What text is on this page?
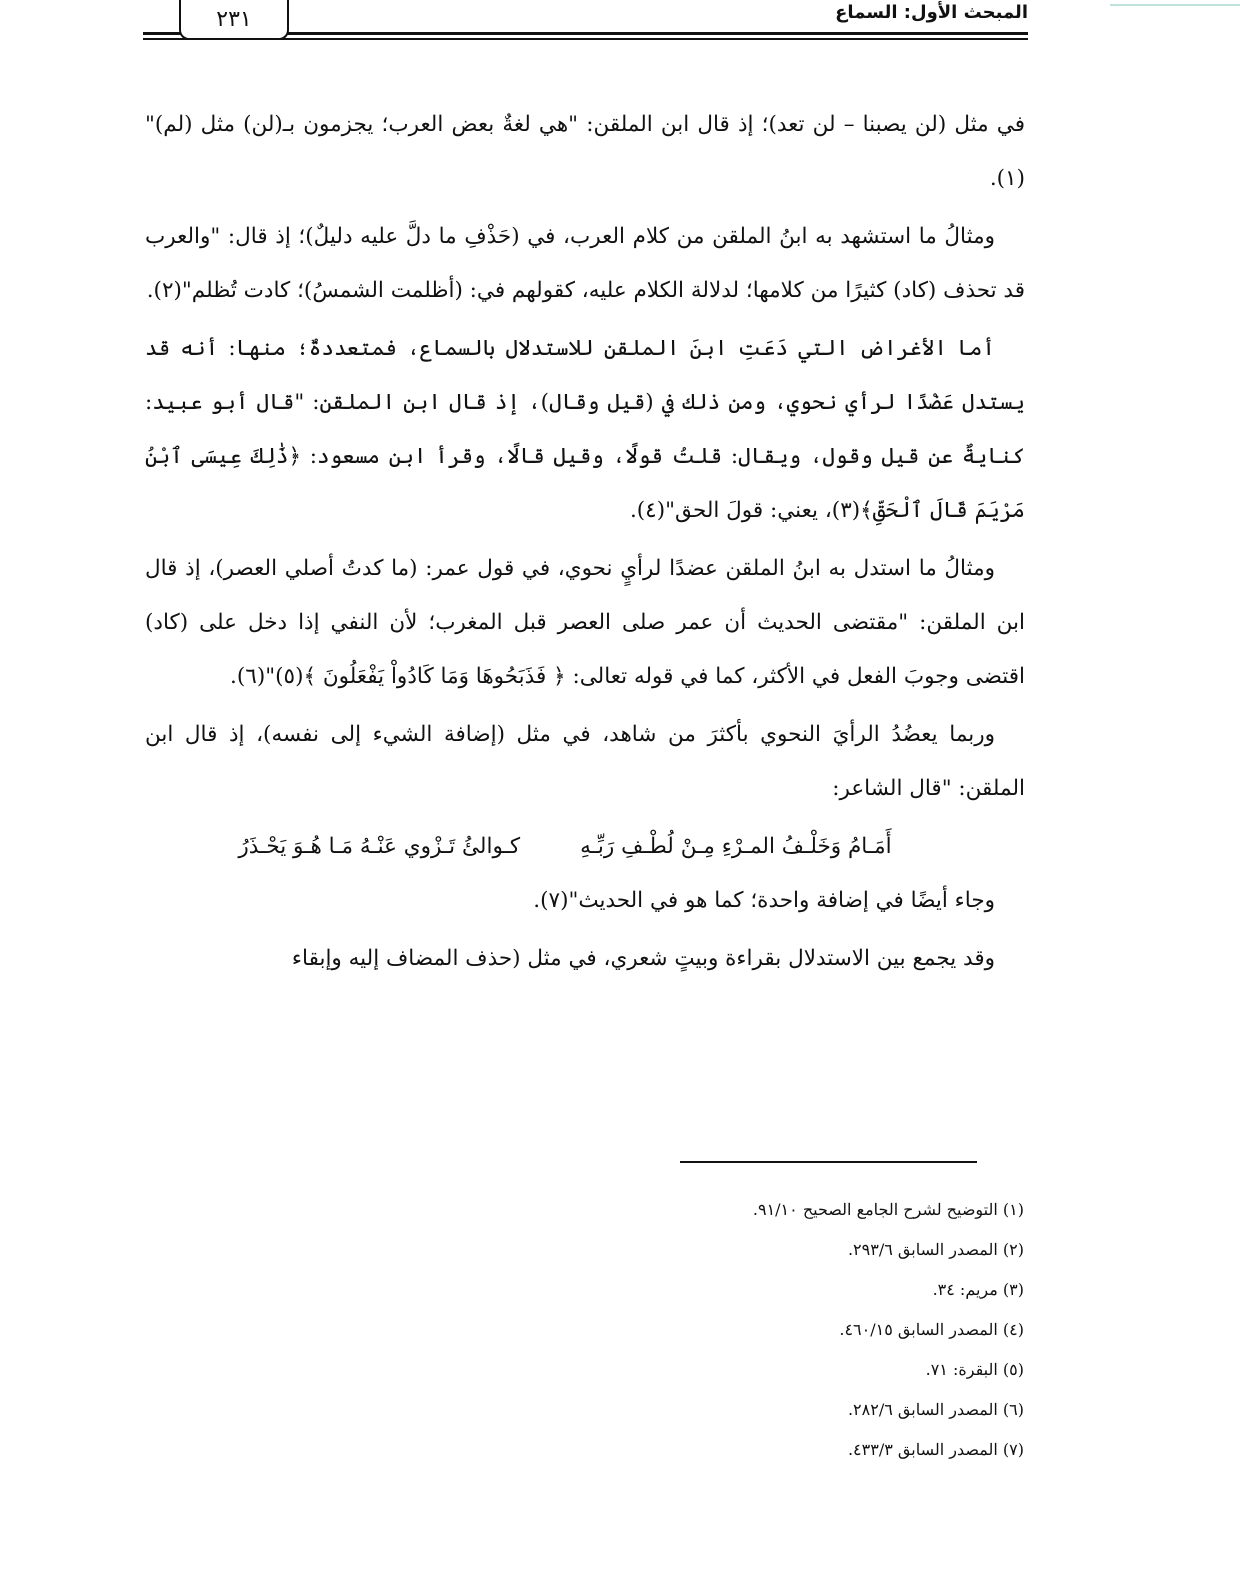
المبحث الأول: السماع
٢٣١

في مثل (لن يصبنا – لن تعد)؛ إذ قال ابن الملقن: "هي لغةٌ بعض العرب؛ يجزمون بـ(لن) مثل (لم)"(١).

ومثالُ ما استشهد به ابنُ الملقن من كلام العرب، في (حَذْفِ ما دلَّ عليه دليلٌ)؛ إذ قال: "والعرب قد تحذف (كاد) كثيرًا من كلامها؛ لدلالة الكلام عليه، كقولهم في: (أظلمت الشمسُ)؛ كادت تُظلم"(٢).

أما الأغراض التي دَعَتِ ابنَ الملقن للاستدلال بالسماع، فمتعددةٌ؛ منها: أنه قد يستدل عَضْدًا لرأي نحوي، ومن ذلك في (قيل وقال)، إذ قال ابن الملقن: "قال أبو عبيد: كنايةٌ عن قيل وقول، ويقال: قلتُ قولًا، وقيل قالًا، وقرأ ابن مسعود: ﴿ذَٰلِكَ عِيسَى ٱبْنُ مَرْيَمَ قَالَ ٱلْحَقِّ﴾(٣)، يعني: قولَ الحق"(٤).

ومثالُ ما استدل به ابنُ الملقن عضدًا لرأيٍ نحوي، في قول عمر: (ما كدتُ أصلي العصر)، إذ قال ابن الملقن: "مقتضى الحديث أن عمر صلى العصر قبل المغرب؛ لأن النفي إذا دخل على (كاد) اقتضى وجوبَ الفعل في الأكثر، كما في قوله تعالى: ﴿ فَذَبَحُوهَا وَمَا كَادُواْ يَفْعَلُونَ ﴾(٥)"(٦).

وربما يعضُدُ الرأيَ النحوي بأكثرَ من شاهد، في مثل (إضافة الشيء إلى نفسه)، إذ قال ابن الملقن: "قال الشاعر:

أَمَـامُ وَخَلْـفُ المـرْءِ مِـنْ لُطْـفِ رَبِّـهِ
كـوالئُ تَـزْوي عَنْـهُ مَـا هُـوَ يَحْـذَرُ

وجاء أيضًا في إضافة واحدة؛ كما هو في الحديث"(٧).

وقد يجمع بين الاستدلال بقراءة وبيتٍ شعري، في مثل (حذف المضاف إليه وإبقاء

(١) التوضيح لشرح الجامع الصحيح ٩١/١٠.
(٢) المصدر السابق ٢٩٣/٦.
(٣) مريم: ٣٤.
(٤) المصدر السابق ٤٦٠/١٥.
(٥) البقرة: ٧١.
(٦) المصدر السابق ٢٨٢/٦.
(٧) المصدر السابق ٤٣٣/٣.
